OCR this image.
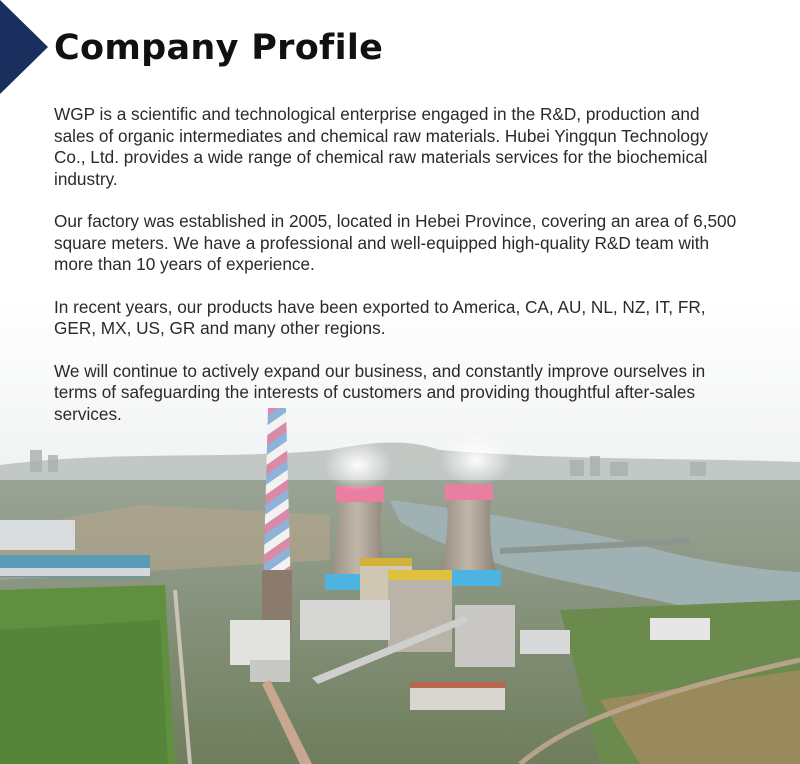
Company Profile

WGP is a scientific and technological enterprise engaged in the R&D, production and sales of organic intermediates and chemical raw materials. Hubei Yingqun Technology Co., Ltd. provides a wide range of chemical raw materials services for the biochemical industry.

Our factory was established in 2005, located in Hebei Province, covering an area of 6,500 square meters. We have a professional and well-equipped high-quality R&D team with more than 10 years of experience.

In recent years, our products have been exported to America, CA, AU, NL, NZ, IT, FR, GER, MX, US, GR and many other regions.

We will continue to actively expand our business, and constantly improve ourselves in terms of safeguarding the interests of customers and providing thoughtful after-sales services.
